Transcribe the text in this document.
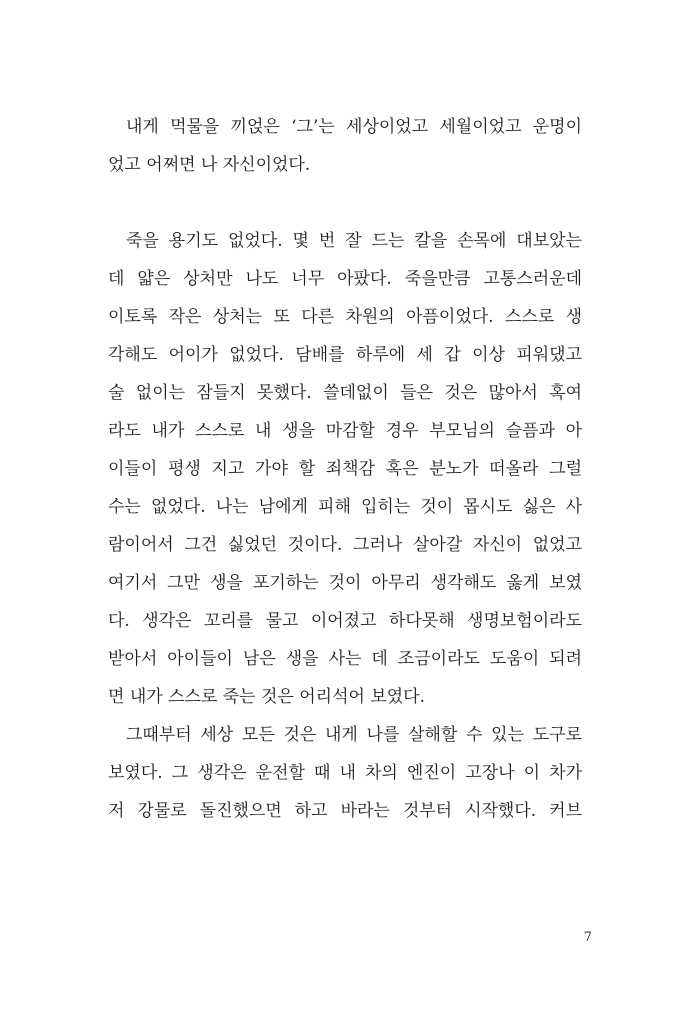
내게 먹물을 끼얹은 ‘그’는 세상이었고 세월이었고 운명이
었고 어쩌면 나 자신이었다.
죽을 용기도 없었다. 몇 번 잘 드는 칼을 손목에 대보았는
데 얇은 상처만 나도 너무 아팠다. 죽을만큼 고통스러운데
이토록 작은 상처는 또 다른 차원의 아픔이었다. 스스로 생
각해도 어이가 없었다. 담배를 하루에 세 갑 이상 피워댔고
술 없이는 잠들지 못했다. 쓸데없이 들은 것은 많아서 혹여
라도 내가 스스로 내 생을 마감할 경우 부모님의 슬픔과 아
이들이 평생 지고 가야 할 죄책감 혹은 분노가 떠올라 그럴
수는 없었다. 나는 남에게 피해 입히는 것이 몹시도 싫은 사
람이어서 그건 싫었던 것이다. 그러나 살아갈 자신이 없었고
여기서 그만 생을 포기하는 것이 아무리 생각해도 옳게 보였
다. 생각은 꼬리를 물고 이어졌고 하다못해 생명보험이라도
받아서 아이들이 남은 생을 사는 데 조금이라도 도움이 되려
면 내가 스스로 죽는 것은 어리석어 보였다.
그때부터 세상 모든 것은 내게 나를 살해할 수 있는 도구로
보였다. 그 생각은 운전할 때 내 차의 엔진이 고장나 이 차가
저 강물로 돌진했으면 하고 바라는 것부터 시작했다. 커브
7
